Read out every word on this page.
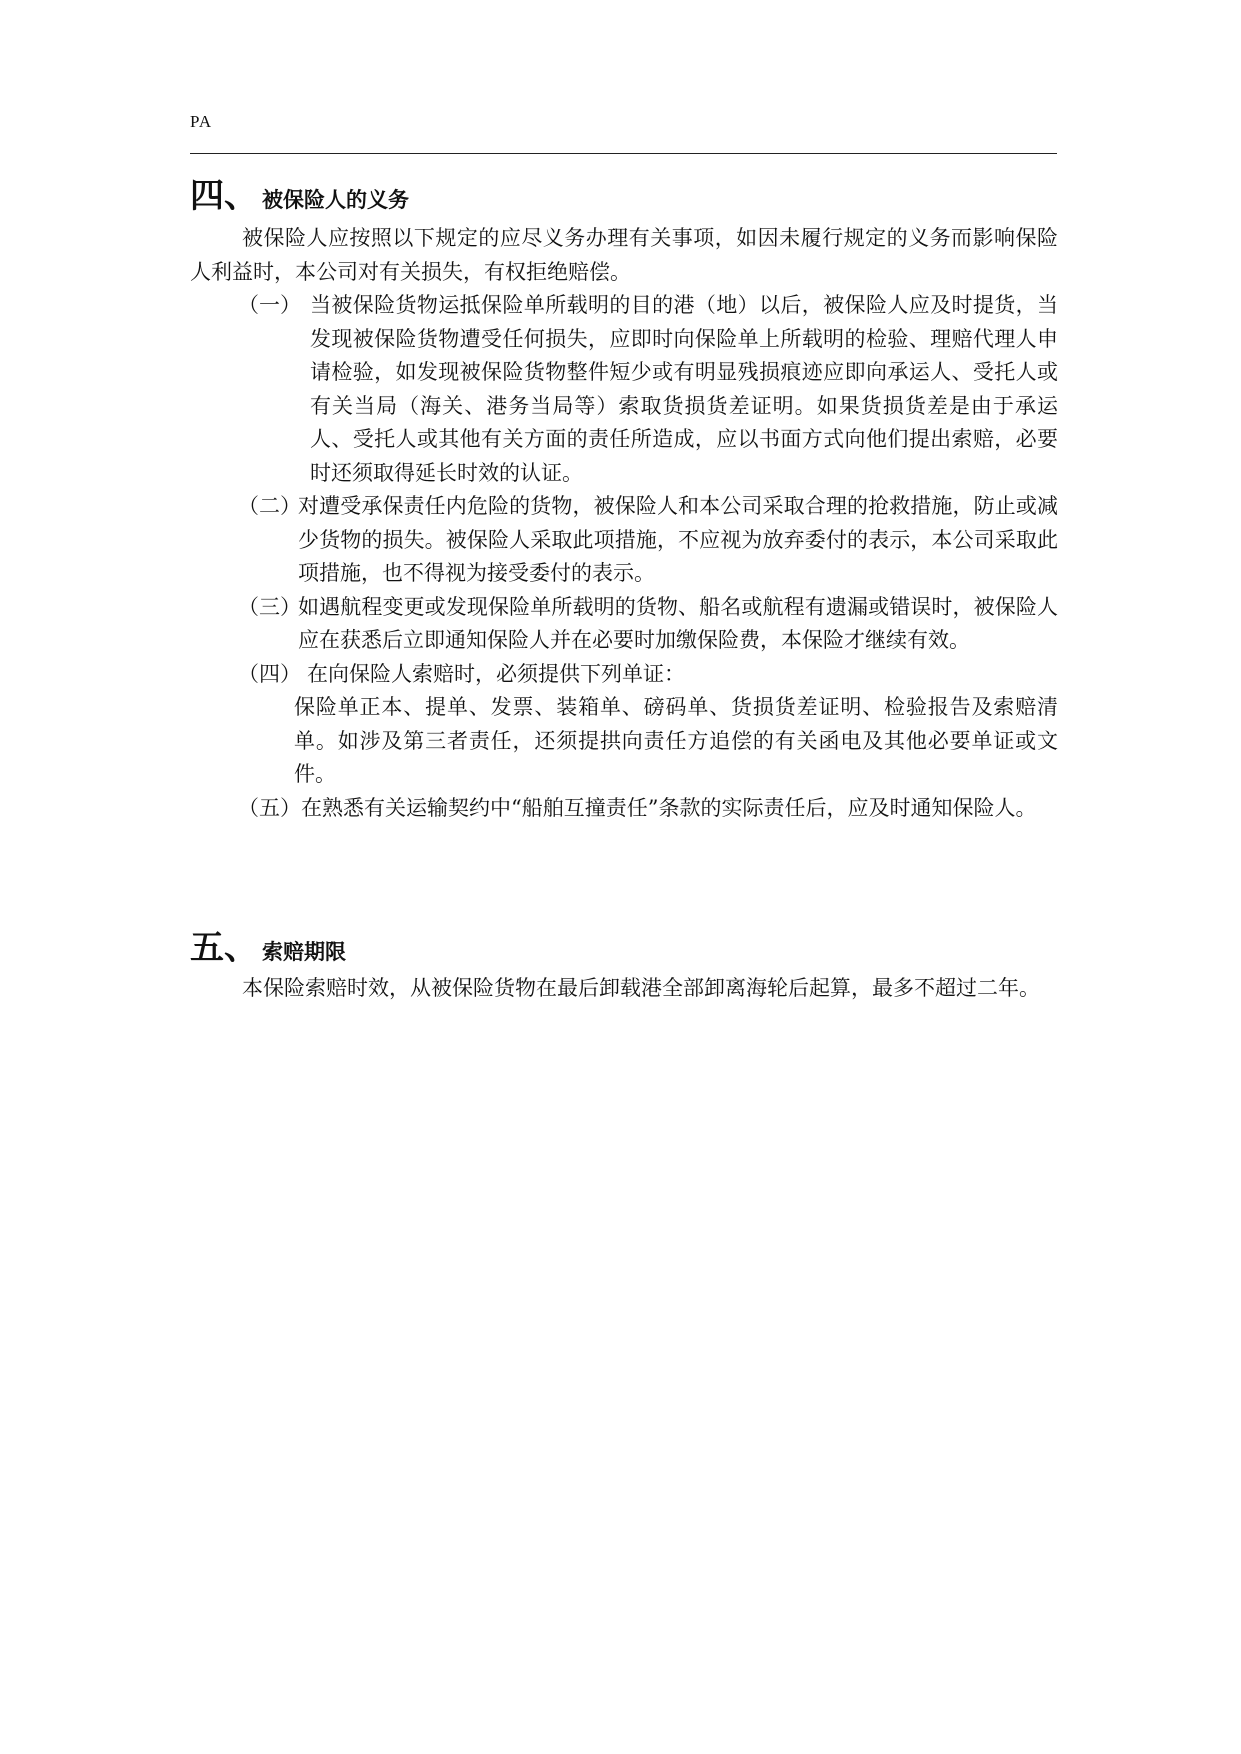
PA
四、 被保险人的义务
被保险人应按照以下规定的应尽义务办理有关事项，如因未履行规定的义务而影响保险人利益时，本公司对有关损失，有权拒绝赔偿。
（一） 当被保险货物运抵保险单所载明的目的港（地）以后，被保险人应及时提货，当发现被保险货物遭受任何损失，应即时向保险单上所载明的检验、理赔代理人申请检验，如发现被保险货物整件短少或有明显残损痕迹应即向承运人、受托人或有关当局（海关、港务当局等）索取货损货差证明。如果货损货差是由于承运人、受托人或其他有关方面的责任所造成，应以书面方式向他们提出索赔，必要时还须取得延长时效的认证。
（二）
对遭受承保责任内危险的货物，被保险人和本公司采取合理的抢救措施，防止或减少货物的损失。被保险人采取此项措施，不应视为放弃委付的表示，本公司采取此项措施，也不得视为接受委付的表示。
（三）
如遇航程变更或发现保险单所载明的货物、船名或航程有遗漏或错误时，被保险人应在获悉后立即通知保险人并在必要时加缴保险费，本保险才继续有效。
（四） 在向保险人索赔时，必须提供下列单证：
保险单正本、提单、发票、装箱单、磅码单、货损货差证明、检验报告及索赔清单。如涉及第三者责任，还须提拱向责任方追偿的有关函电及其他必要单证或文件。
（五）在熟悉有关运输契约中“船舶互撞责任”条款的实际责任后，应及时通知保险人。
五、 索赔期限
本保险索赔时效，从被保险货物在最后卸载港全部卸离海轮后起算，最多不超过二年。
